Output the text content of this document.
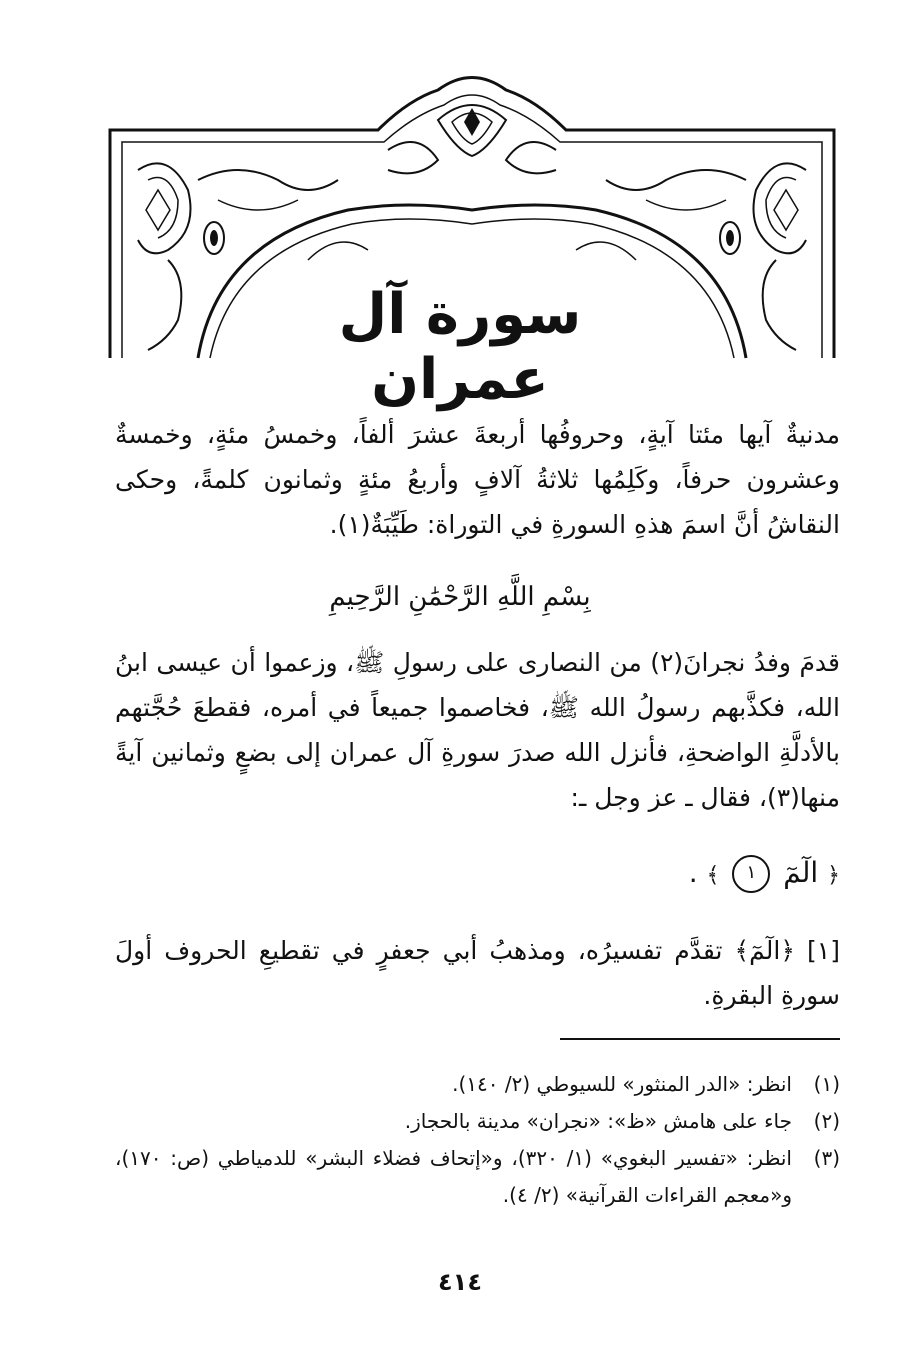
سورة آل عمران

مدنيةٌ آيها مئتا آيةٍ، وحروفُها أربعةَ عشرَ ألفاً، وخمسُ مئةٍ، وخمسةٌ وعشرون حرفاً، وكَلِمُها ثلاثةُ آلافٍ وأربعُ مئةٍ وثمانون كلمةً، وحكى النقاشُ أنَّ اسمَ هذهِ السورةِ في التوراة: طَيِّبَةٌ(١).

بِسْمِ اللَّهِ الرَّحْمَٰنِ الرَّحِيمِ

قدمَ وفدُ نجرانَ(٢) من النصارى على رسولِ ﷺ، وزعموا أن عيسى ابنُ الله، فكذَّبهم رسولُ الله ﷺ، فخاصموا جميعاً في أمره، فقطعَ حُجَّتهم بالأدلَّةِ الواضحةِ، فأنزل الله صدرَ سورةِ آل عمران إلى بضعٍ وثمانين آيةً منها(٣)، فقال ـ عز وجل ـ:

﴿ الٓمٓ ١ ﴾ .

[١] ﴿الٓمٓ﴾ تقدَّم تفسيرُه، ومذهبُ أبي جعفرٍ في تقطيعِ الحروف أولَ سورةِ البقرةِ.

(١)
انظر: «الدر المنثور» للسيوطي (٢/ ١٤٠).
(٢)
جاء على هامش «ظ»: «نجران» مدينة بالحجاز.
(٣)
انظر: «تفسير البغوي» (١/ ٣٢٠)، و«إتحاف فضلاء البشر» للدمياطي (ص: ١٧٠)، و«معجم القراءات القرآنية» (٢/ ٤).
٤١٤
